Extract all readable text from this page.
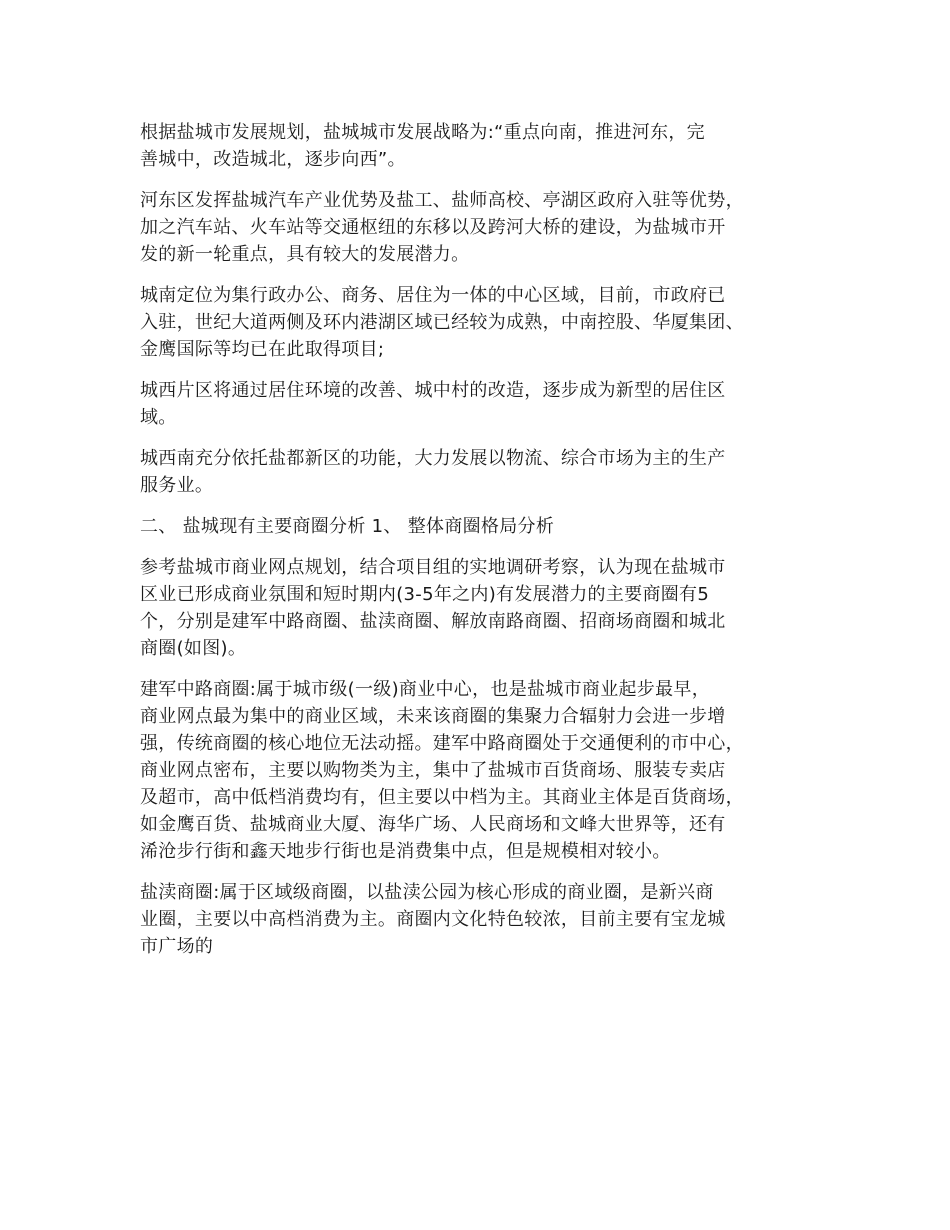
根据盐城市发展规划，盐城城市发展战略为:“重点向南，推进河东，完
善城中，改造城北，逐步向西”。
河东区发挥盐城汽车产业优势及盐工、盐师高校、亭湖区政府入驻等优势，
加之汽车站、火车站等交通枢纽的东移以及跨河大桥的建设，为盐城市开
发的新一轮重点，具有较大的发展潜力。
城南定位为集行政办公、商务、居住为一体的中心区域，目前，市政府已
入驻，世纪大道两侧及环内港湖区域已经较为成熟，中南控股、华厦集团、
金鹰国际等均已在此取得项目;
城西片区将通过居住环境的改善、城中村的改造，逐步成为新型的居住区
域。
城西南充分依托盐都新区的功能，大力发展以物流、综合市场为主的生产
服务业。
二、 盐城现有主要商圈分析 1、 整体商圈格局分析
参考盐城市商业网点规划，结合项目组的实地调研考察，认为现在盐城市
区业已形成商业氛围和短时期内(3-5年之内)有发展潜力的主要商圈有5
个，分别是建军中路商圈、盐渎商圈、解放南路商圈、招商场商圈和城北
商圈(如图)。
建军中路商圈:属于城市级(一级)商业中心，也是盐城市商业起步最早，
商业网点最为集中的商业区域，未来该商圈的集聚力合辐射力会进一步增
强，传统商圈的核心地位无法动摇。建军中路商圈处于交通便利的市中心，
商业网点密布，主要以购物类为主，集中了盐城市百货商场、服装专卖店
及超市，高中低档消费均有，但主要以中档为主。其商业主体是百货商场，
如金鹰百货、盐城商业大厦、海华广场、人民商场和文峰大世界等，还有
浠沧步行街和鑫天地步行街也是消费集中点，但是规模相对较小。
盐渎商圈:属于区域级商圈，以盐渎公园为核心形成的商业圈，是新兴商
业圈，主要以中高档消费为主。商圈内文化特色较浓，目前主要有宝龙城
市广场的
